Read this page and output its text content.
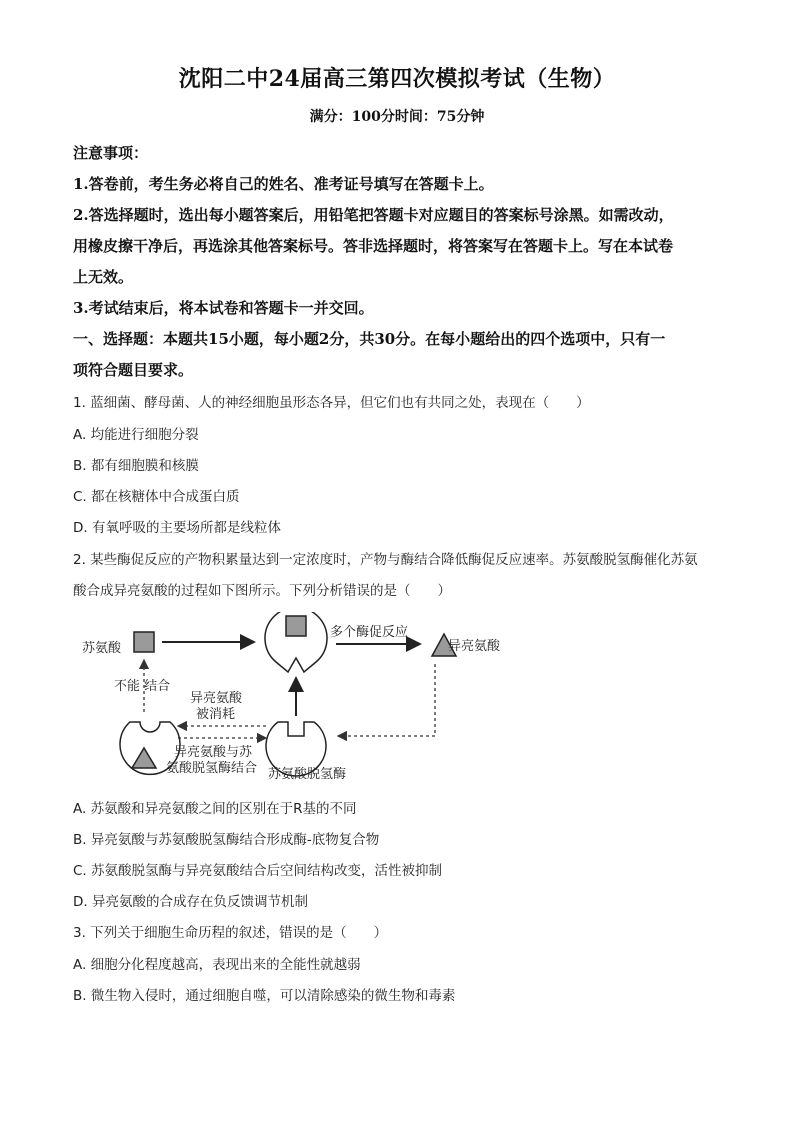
沈阳二中24届高三第四次模拟考试（生物）
满分：100分时间：75分钟
注意事项：
1.答卷前，考生务必将自己的姓名、准考证号填写在答题卡上。
2.答选择题时，选出每小题答案后，用铅笔把答题卡对应题目的答案标号涂黑。如需改动，
用橡皮擦干净后，再选涂其他答案标号。答非选择题时，将答案写在答题卡上。写在本试卷
上无效。
3.考试结束后，将本试卷和答题卡一并交回。
一、选择题：本题共15小题，每小题2分，共30分。在每小题给出的四个选项中，只有一
项符合题目要求。
1. 蓝细菌、酵母菌、人的神经细胞虽形态各异，但它们也有共同之处，表现在（　　）
A. 均能进行细胞分裂
B. 都有细胞膜和核膜
C. 都在核糖体中合成蛋白质
D. 有氧呼吸的主要场所都是线粒体
2. 某些酶促反应的产物积累量达到一定浓度时，产物与酶结合降低酶促反应速率。苏氨酸脱氢酶催化苏氨
酸合成异亮氨酸的过程如下图所示。下列分析错误的是（　　）
苏氨酸
多个酶促反应
异亮氨酸
苏氨酸脱氢酶
不能 结合
异亮氨酸
被消耗
异亮氨酸与苏
氨酸脱氢酶结合
A. 苏氨酸和异亮氨酸之间的区别在于R基的不同
B. 异亮氨酸与苏氨酸脱氢酶结合形成酶-底物复合物
C. 苏氨酸脱氢酶与异亮氨酸结合后空间结构改变，活性被抑制
D. 异亮氨酸的合成存在负反馈调节机制
3. 下列关于细胞生命历程的叙述，错误的是（　　）
A. 细胞分化程度越高，表现出来的全能性就越弱
B. 微生物入侵时，通过细胞自噬，可以清除感染的微生物和毒素
